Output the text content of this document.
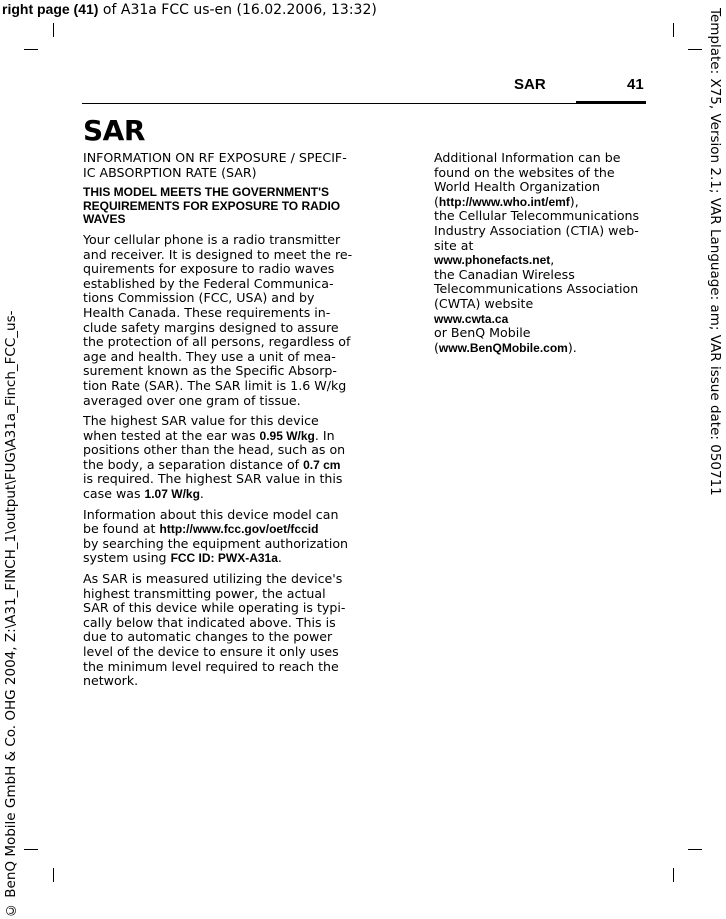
right page (41) of A31a FCC us-en (16.02.2006, 13:32)	Template: X75, Version 2.1; VAR Language: am; VAR issue date: 050711
© BenQ Mobile GmbH & Co. OHG 2004, Z:\A31_FINCH_1\output\FUG\A31a_Finch_FCC_us-
SAR	41
SAR

INFORMATION ON RF EXPOSURE / SPECIFIC ABSORPTION RATE (SAR)

THIS MODEL MEETS THE GOVERNMENT'S REQUIREMENTS FOR EXPOSURE TO RADIO WAVES

Your cellular phone is a radio transmitter and receiver. It is designed to meet the requirements for exposure to radio waves established by the Federal Communications Commission (FCC, USA) and by Health Canada. These requirements include safety margins designed to assure the protection of all persons, regardless of age and health. They use a unit of measurement known as the Specific Absorption Rate (SAR). The SAR limit is 1.6 W/kg averaged over one gram of tissue.

The highest SAR value for this device when tested at the ear was 0.95 W/kg. In positions other than the head, such as on the body, a separation distance of 0.7 cm is required. The highest SAR value in this case was 1.07 W/kg.

Information about this device model can be found at http://www.fcc.gov/oet/fccid
by searching the equipment authorization system using FCC ID: PWX-A31a.

As SAR is measured utilizing the device's highest transmitting power, the actual SAR of this device while operating is typically below that indicated above. This is due to automatic changes to the power level of the device to ensure it only uses the minimum level required to reach the network.

Additional Information can be found on the websites of the World Health Organization (http://www.who.int/emf),
the Cellular Telecommunications Industry Association (CTIA) web-site at
www.phonefacts.net,
the Canadian Wireless Telecommunications Association (CWTA) website
www.cwta.ca
or BenQ Mobile
(www.BenQMobile.com).
